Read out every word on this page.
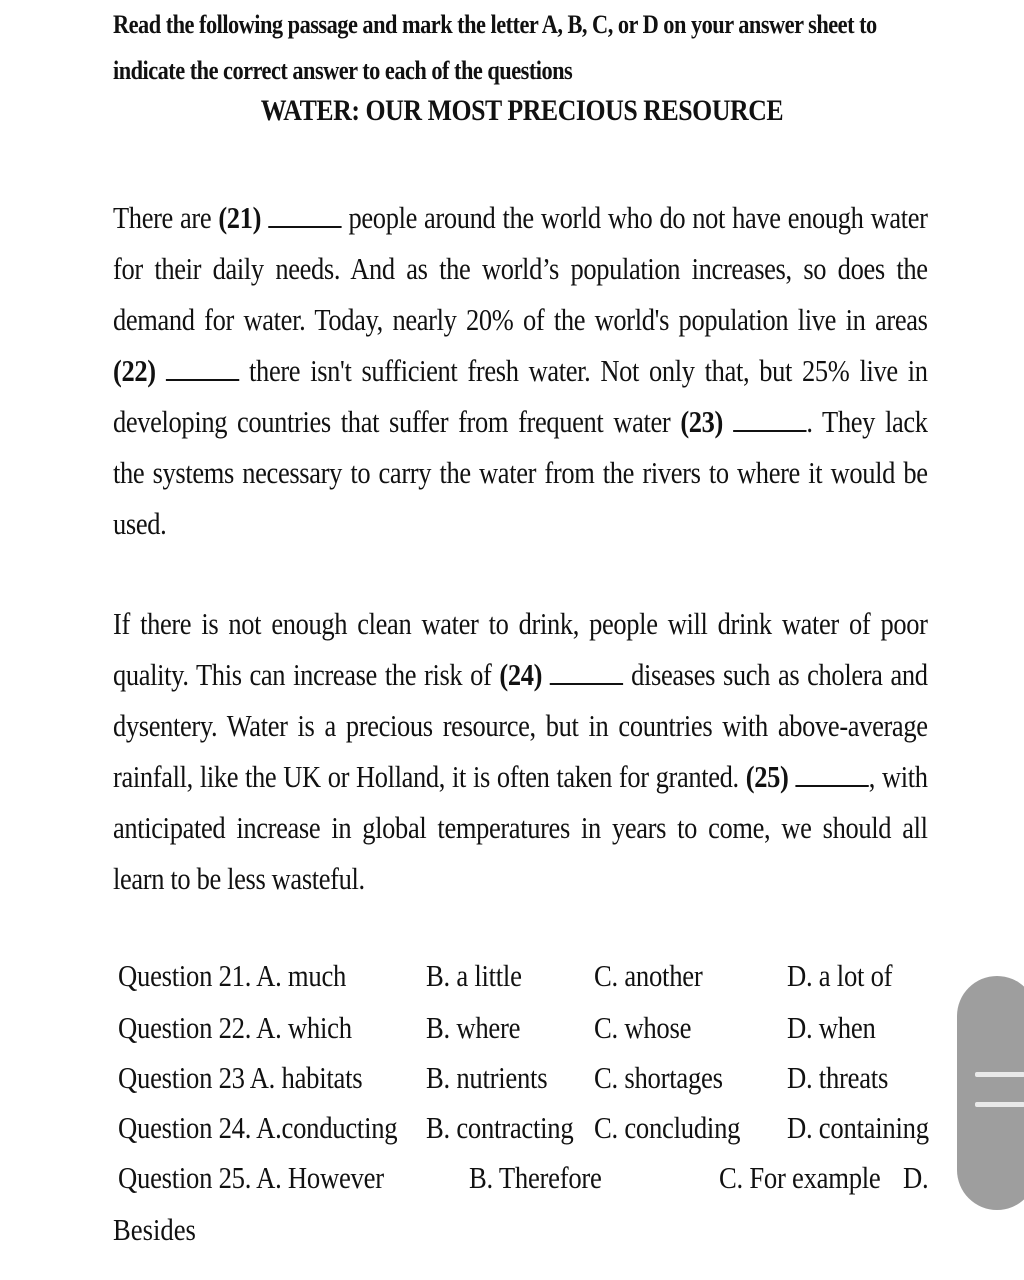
Read the following passage and mark the letter A, B, C, or D on your answer sheet to indicate the correct answer to each of the questions
WATER: OUR MOST PRECIOUS RESOURCE
There are (21)	people around the world who do not have enough water for their daily needs. And as the world’s population increases, so does the demand for water. Today, nearly 20% of the world's population live in areas (22)	there isn't sufficient fresh water. Not only that, but 25% live in developing countries that suffer from frequent water (23)	. They lack the systems necessary to carry the water from the rivers to where it would be used.
If there is not enough clean water to drink, people will drink water of poor quality. This can increase the risk of (24)	diseases such as cholera and dysentery. Water is a precious resource, but in countries with above-average rainfall, like the UK or Holland, it is often taken for granted. (25)	, with anticipated increase in global temperatures in years to come, we should all learn to be less wasteful.
Question 21. A. much	B. a little C. another	D. a lot of
Question 22. A. which B. where C. whose	D. when
Question 23 A. habitats B. nutrients C. shortages D. threats
Question 24. A.conducting B. contracting C. concluding D. containing
Question 25. A. However	B. Therefore	C. For example D.
Besides
